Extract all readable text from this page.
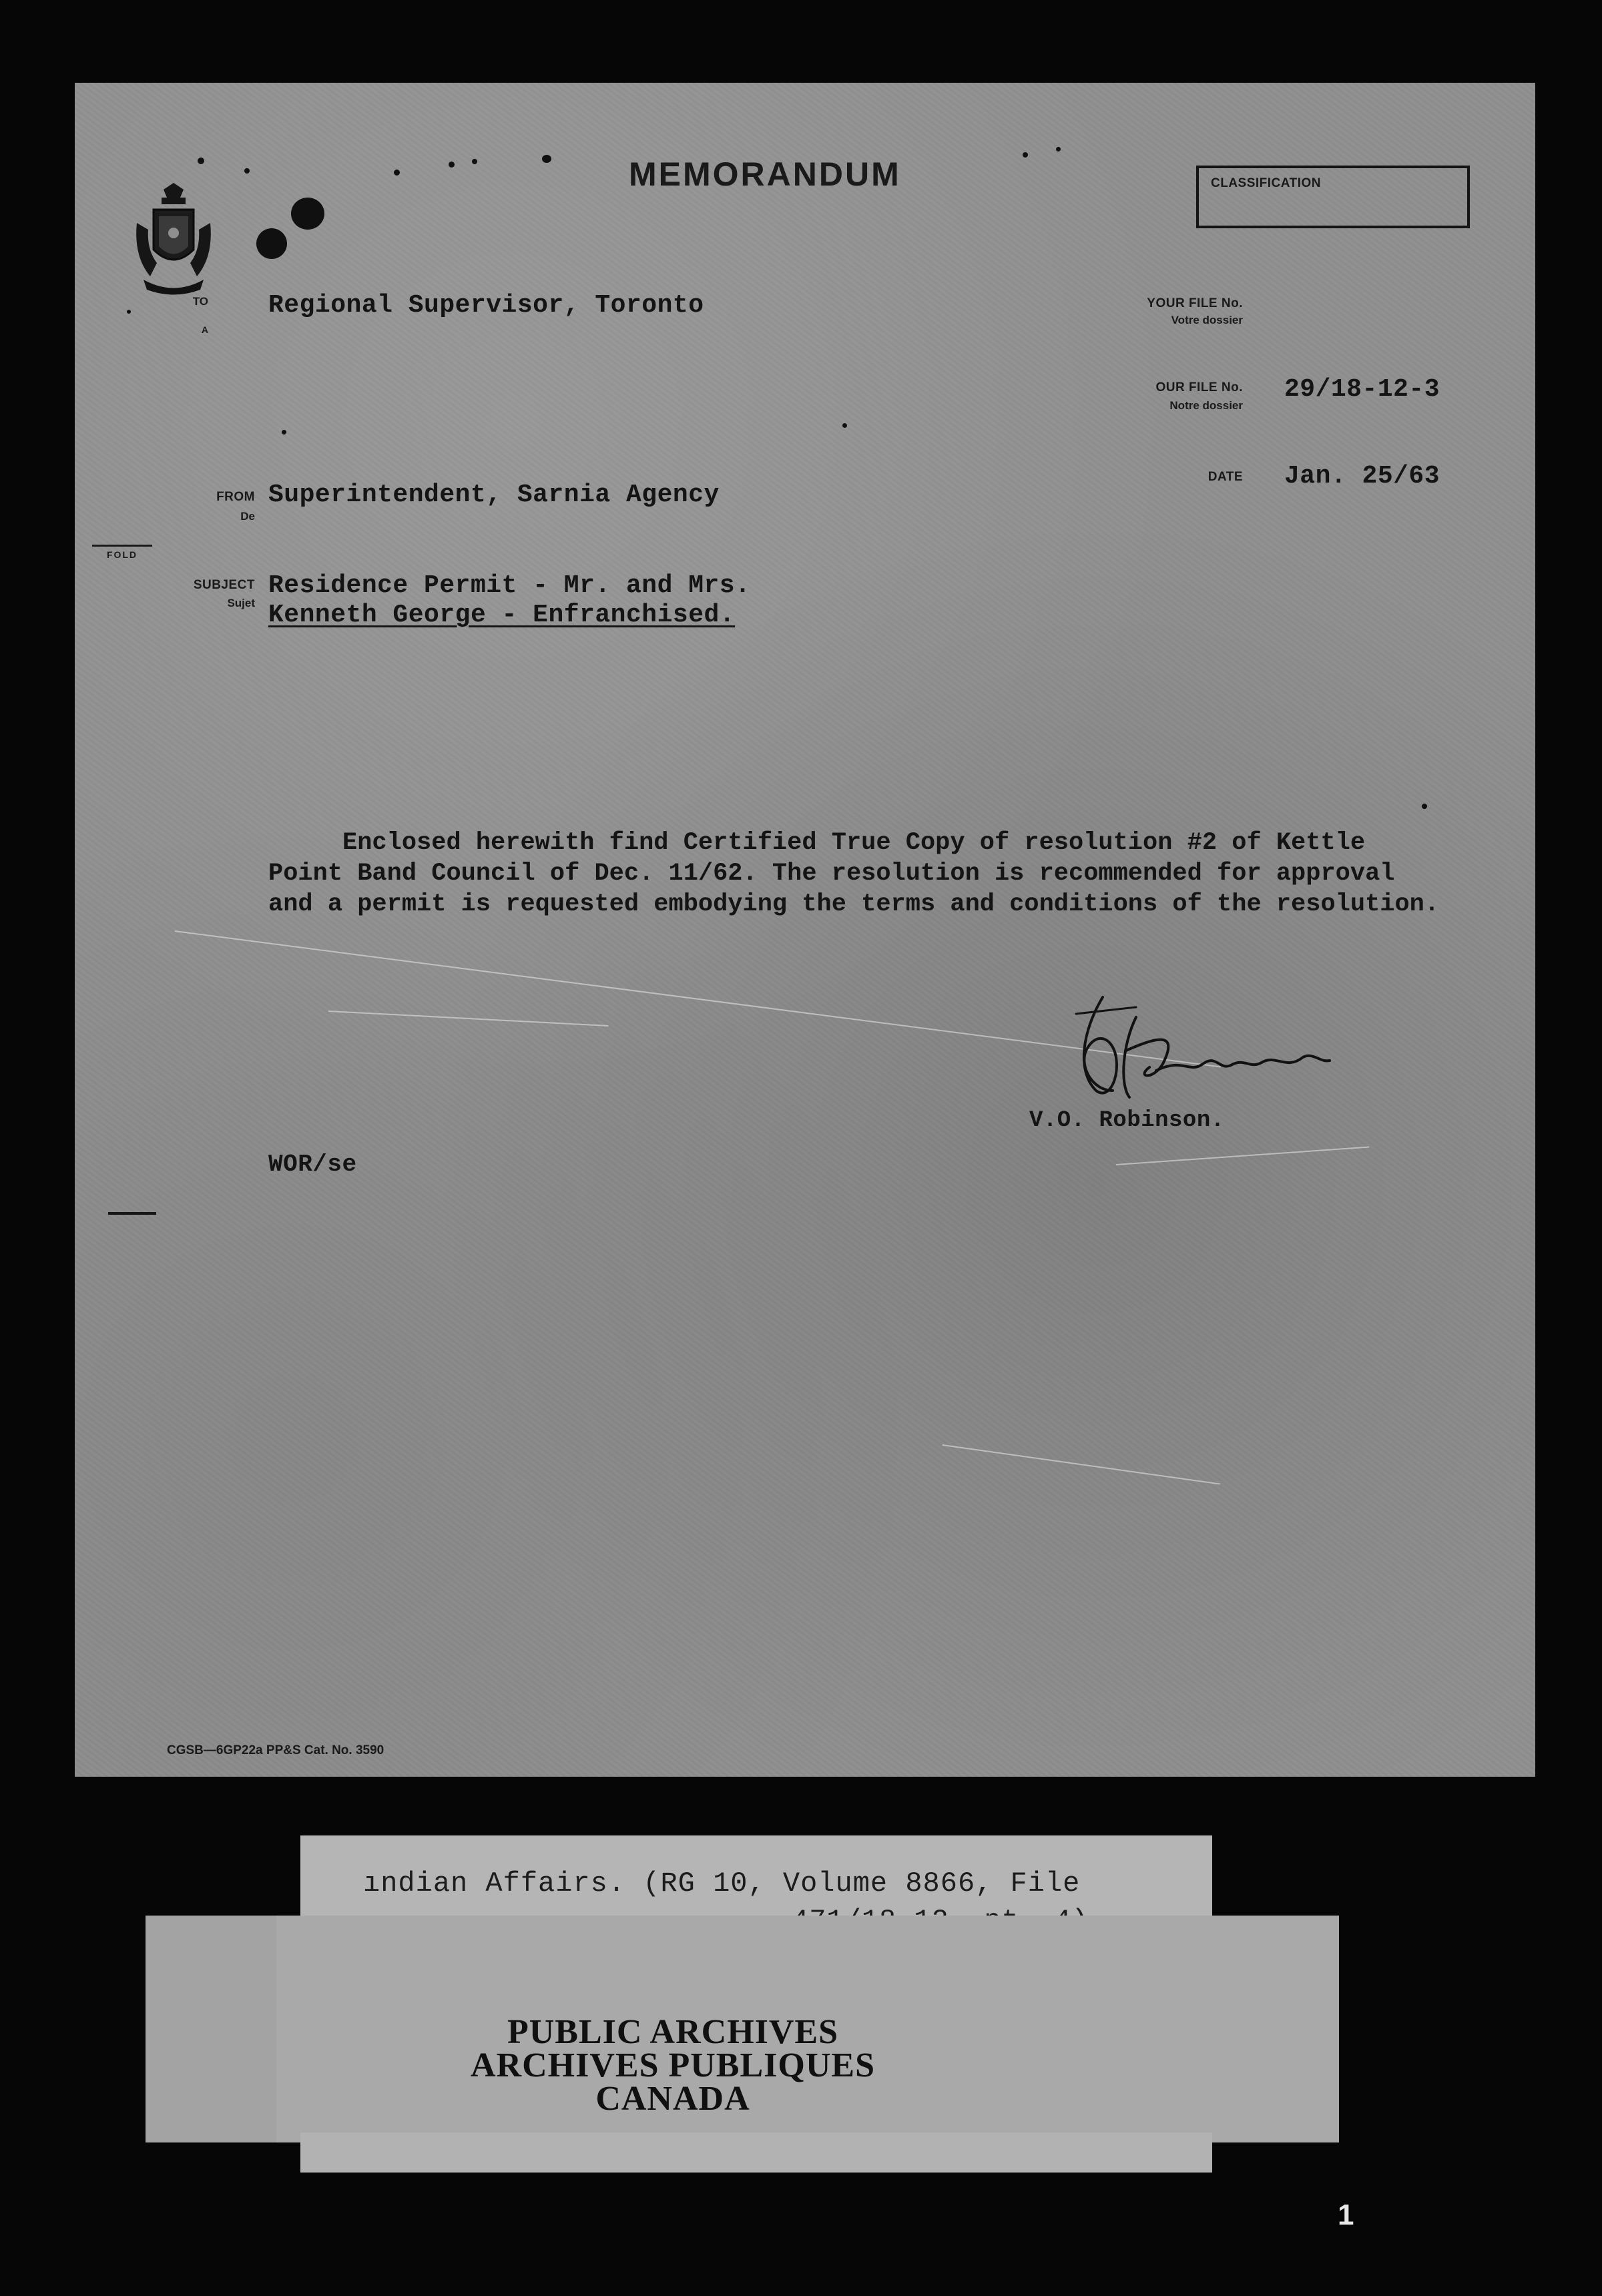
MEMORANDUM	CLASSIFICATION
TO
A
Regional Supervisor, Toronto	YOUR FILE No.
Votre dossier
OUR FILE No.
Notre dossier
29/18-12-3
DATE Jan. 25/63
FROM
De
Superintendent, Sarnia Agency
FOLD
SUBJECT
Sujet
Residence Permit - Mr. and Mrs.
Kenneth George - Enfranchised.
Enclosed herewith find Certified True Copy of resolution #2 of Kettle
Point Band Council of Dec. 11/62. The resolution is recommended for approval
and a permit is requested embodying the terms and conditions of the resolution.
V.O. Robinson.
WOR/se
CGSB—6GP22a PP&S Cat. No. 3590
ındian Affairs. (RG 10, Volume 8866, File
PUBLIC ARCHIVES
ARCHIVES PUBLIQUES
CANADA
1
